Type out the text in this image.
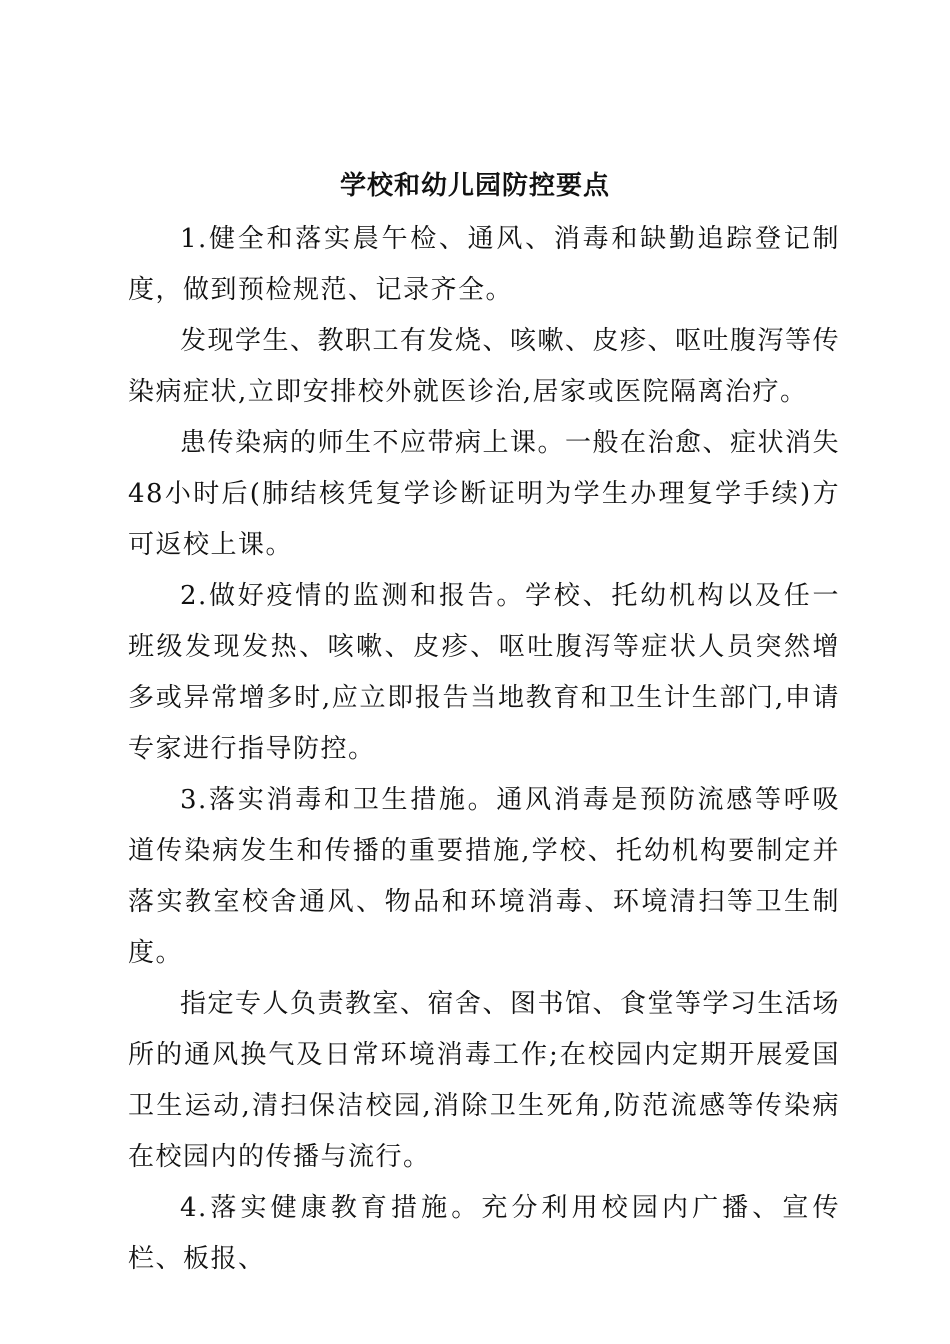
学校和幼儿园防控要点

1.健全和落实晨午检、通风、消毒和缺勤追踪登记制度，做到预检规范、记录齐全。

发现学生、教职工有发烧、咳嗽、皮疹、呕吐腹泻等传染病症状,立即安排校外就医诊治,居家或医院隔离治疗。

患传染病的师生不应带病上课。一般在治愈、症状消失48小时后(肺结核凭复学诊断证明为学生办理复学手续)方可返校上课。

2.做好疫情的监测和报告。学校、托幼机构以及任一班级发现发热、咳嗽、皮疹、呕吐腹泻等症状人员突然增多或异常增多时,应立即报告当地教育和卫生计生部门,申请专家进行指导防控。

3.落实消毒和卫生措施。通风消毒是预防流感等呼吸道传染病发生和传播的重要措施,学校、托幼机构要制定并落实教室校舍通风、物品和环境消毒、环境清扫等卫生制度。

指定专人负责教室、宿舍、图书馆、食堂等学习生活场所的通风换气及日常环境消毒工作;在校园内定期开展爱国卫生运动,清扫保洁校园,消除卫生死角,防范流感等传染病在校园内的传播与流行。

4.落实健康教育措施。充分利用校园内广播、宣传栏、板报、
